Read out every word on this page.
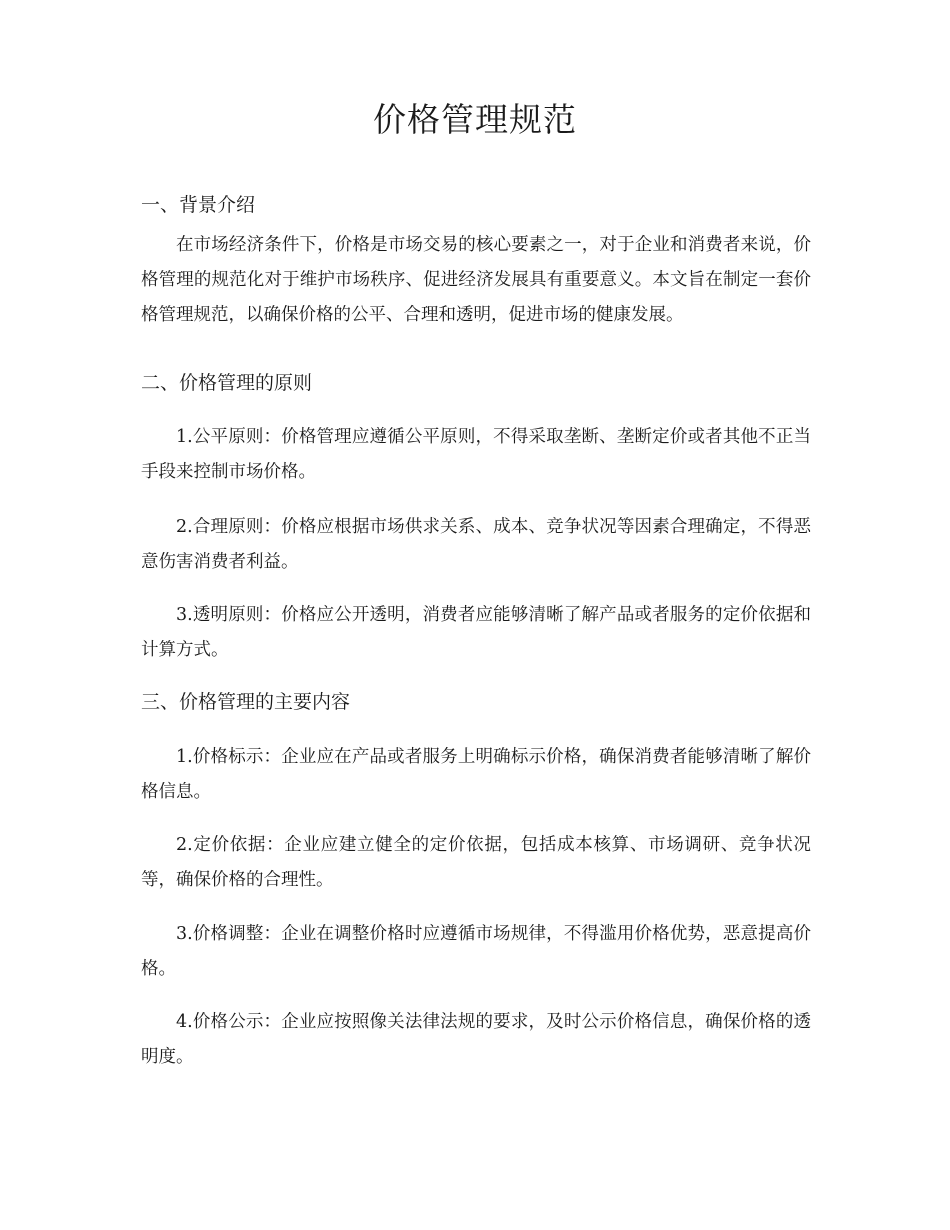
价格管理规范
一、背景介绍

在市场经济条件下，价格是市场交易的核心要素之一，对于企业和消费者来说，价格管理的规范化对于维护市场秩序、促进经济发展具有重要意义。本文旨在制定一套价格管理规范，以确保价格的公平、合理和透明，促进市场的健康发展。

二、价格管理的原则

1.公平原则：价格管理应遵循公平原则，不得采取垄断、垄断定价或者其他不正当手段来控制市场价格。

2.合理原则：价格应根据市场供求关系、成本、竞争状况等因素合理确定，不得恶意伤害消费者利益。

3.透明原则：价格应公开透明，消费者应能够清晰了解产品或者服务的定价依据和计算方式。

三、价格管理的主要内容

1.价格标示：企业应在产品或者服务上明确标示价格，确保消费者能够清晰了解价格信息。

2.定价依据：企业应建立健全的定价依据，包括成本核算、市场调研、竞争状况等，确保价格的合理性。

3.价格调整：企业在调整价格时应遵循市场规律，不得滥用价格优势，恶意提高价格。

4.价格公示：企业应按照像关法律法规的要求，及时公示价格信息，确保价格的透明度。
